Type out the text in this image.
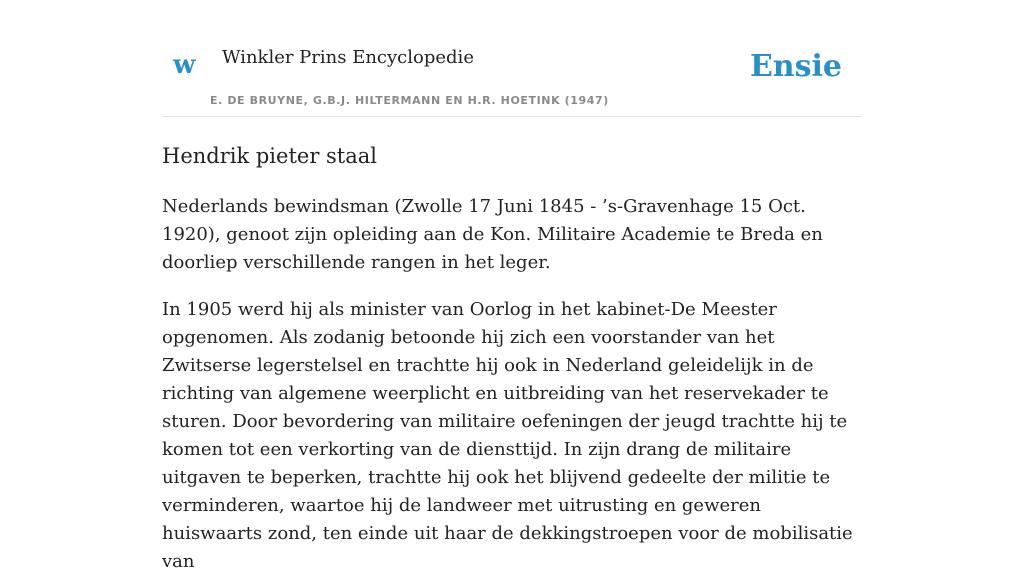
w Winkler Prins Encyclopedie
E. DE BRUYNE, G.B.J. HILTERMANN EN H.R. HOETINK (1947)
Ensie
Hendrik pieter staal

Nederlands bewindsman (Zwolle 17 Juni 1845 - ’s-Gravenhage 15 Oct. 1920), genoot zijn opleiding aan de Kon. Militaire Academie te Breda en doorliep verschillende rangen in het leger.

In 1905 werd hij als minister van Oorlog in het kabinet-De Meester opgenomen. Als zodanig betoonde hij zich een voorstander van het Zwitserse legerstelsel en trachtte hij ook in Nederland geleidelijk in de richting van algemene weerplicht en uitbreiding van het reservekader te sturen. Door bevordering van militaire oefeningen der jeugd trachtte hij te komen tot een verkorting van de diensttijd. In zijn drang de militaire uitgaven te beperken, trachtte hij ook het blijvend gedeelte der militie te verminderen, waartoe hij de landweer met uitrusting en geweren huiswaarts zond, ten einde uit haar de dekkingstroepen voor de mobilisatie van
